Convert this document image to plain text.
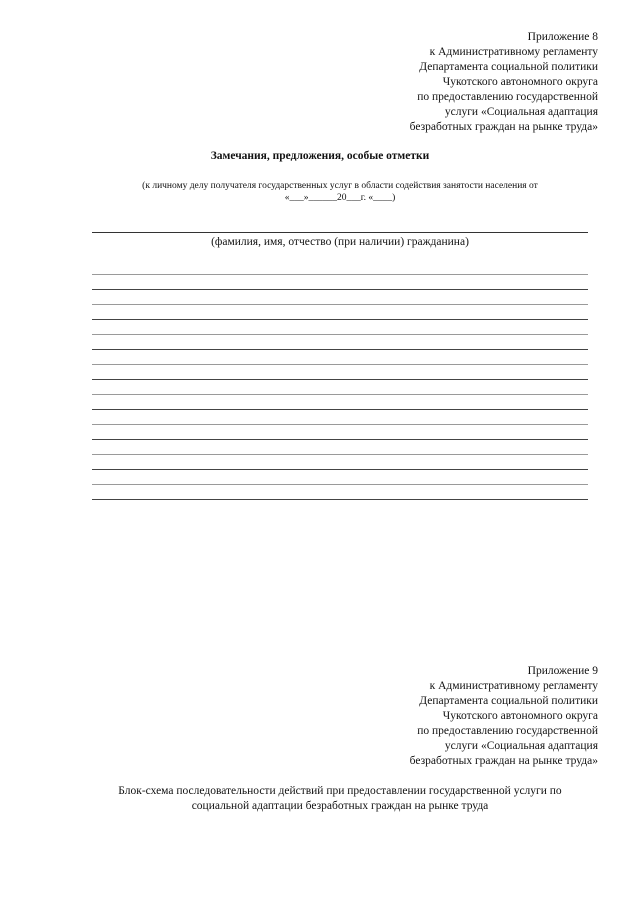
Приложение 8
к Административному регламенту
Департамента социальной политики
Чукотского автономного округа
по предоставлению государственной
услуги «Социальная адаптация
безработных граждан на рынке труда»
Замечания, предложения, особые отметки
(к личному делу получателя государственных услуг в области содействия занятости населения от
«___»______20___г. «____)
(фамилия, имя, отчество (при наличии) гражданина)
Приложение 9
к Административному регламенту
Департамента социальной политики
Чукотского автономного округа
по предоставлению государственной
услуги «Социальная адаптация
безработных граждан на рынке труда»
Блок-схема последовательности действий при предоставлении государственной услуги по
социальной адаптации безработных граждан на рынке труда
